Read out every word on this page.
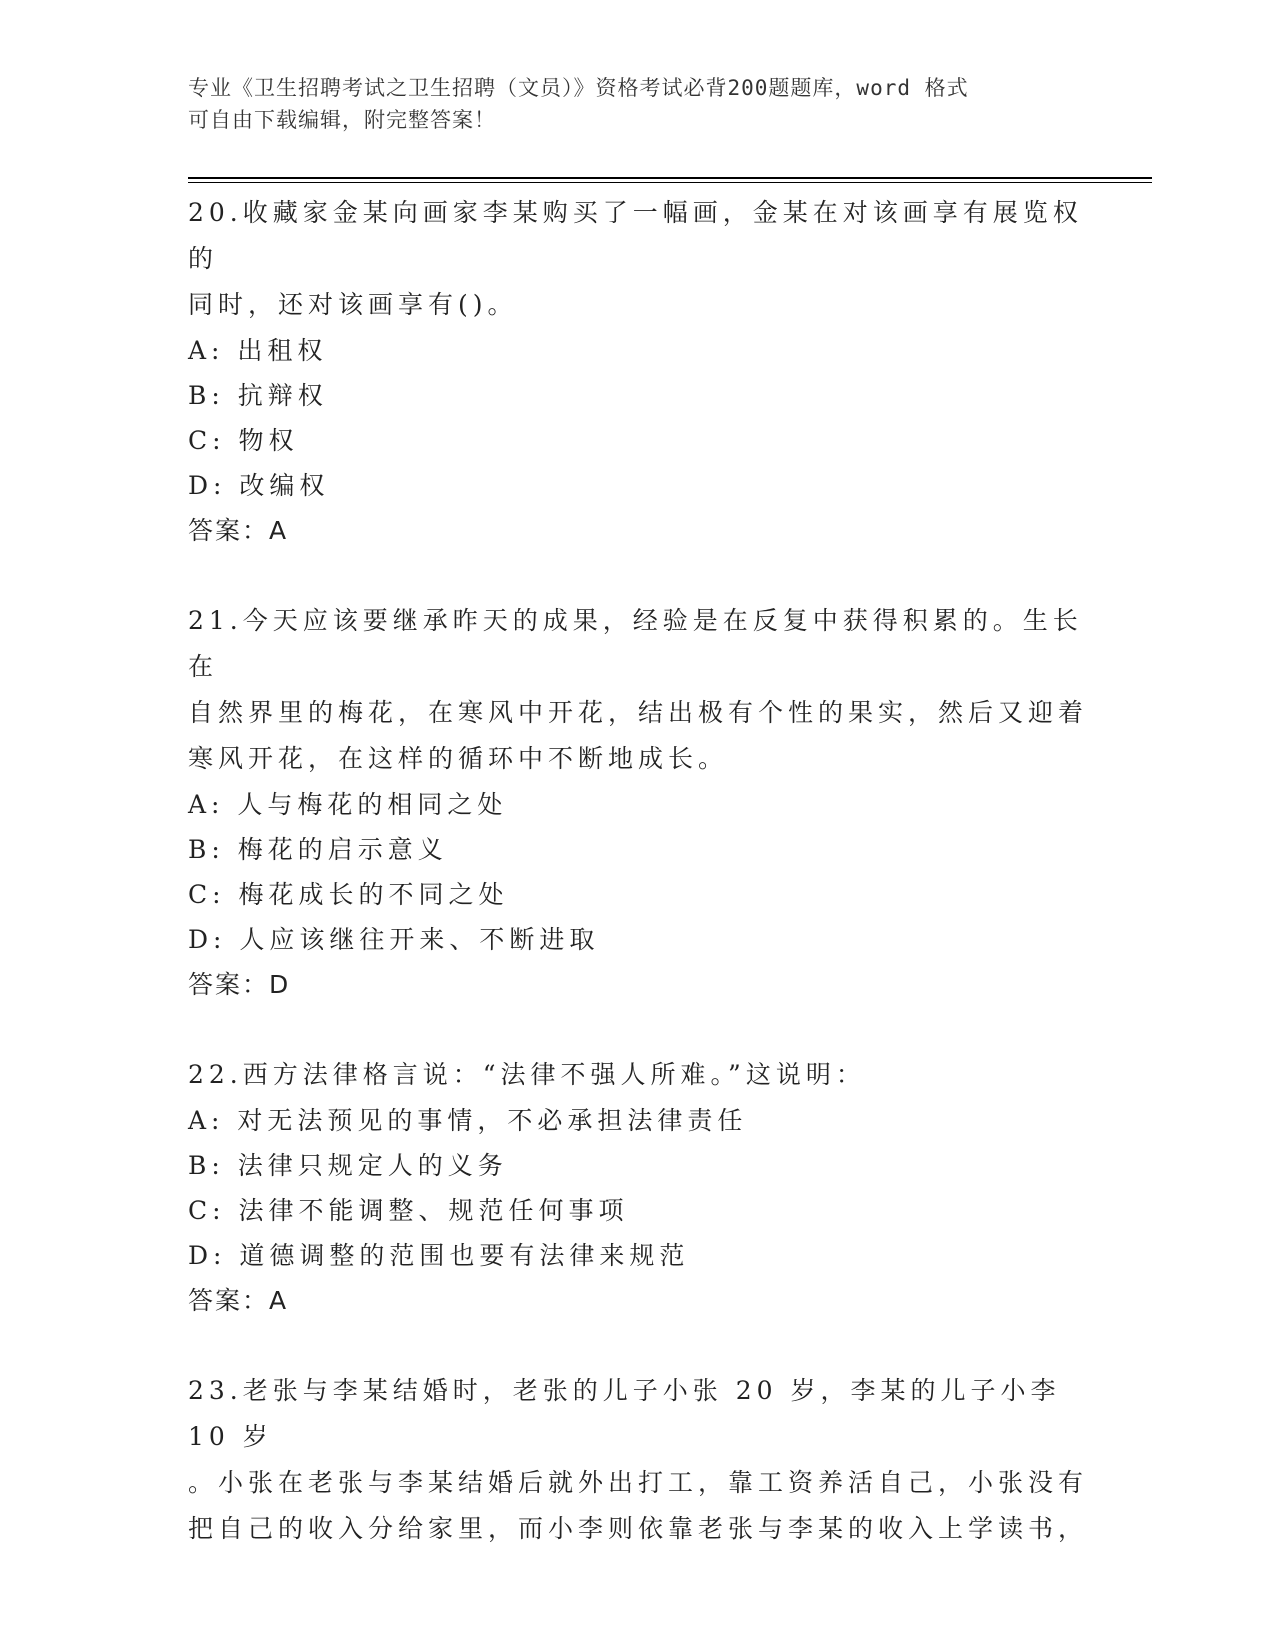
专业《卫生招聘考试之卫生招聘（文员）》资格考试必背200题题库，word 格式
可自由下载编辑，附完整答案！

20.收藏家金某向画家李某购买了一幅画，金某在对该画享有展览权的

同时，还对该画享有()。

A: 出租权

B: 抗辩权

C: 物权

D: 改编权

答案：A

21.今天应该要继承昨天的成果，经验是在反复中获得积累的。生长在

自然界里的梅花，在寒风中开花，结出极有个性的果实，然后又迎着

寒风开花，在这样的循环中不断地成长。

A: 人与梅花的相同之处

B: 梅花的启示意义

C: 梅花成长的不同之处

D: 人应该继往开来、不断进取

答案：D

22.西方法律格言说：“法律不强人所难。”这说明：

A: 对无法预见的事情，不必承担法律责任

B: 法律只规定人的义务

C: 法律不能调整、规范任何事项

D: 道德调整的范围也要有法律来规范

答案：A

23.老张与李某结婚时，老张的儿子小张 20 岁，李某的儿子小李 10 岁

。小张在老张与李某结婚后就外出打工，靠工资养活自己，小张没有

把自己的收入分给家里，而小李则依靠老张与李某的收入上学读书，
